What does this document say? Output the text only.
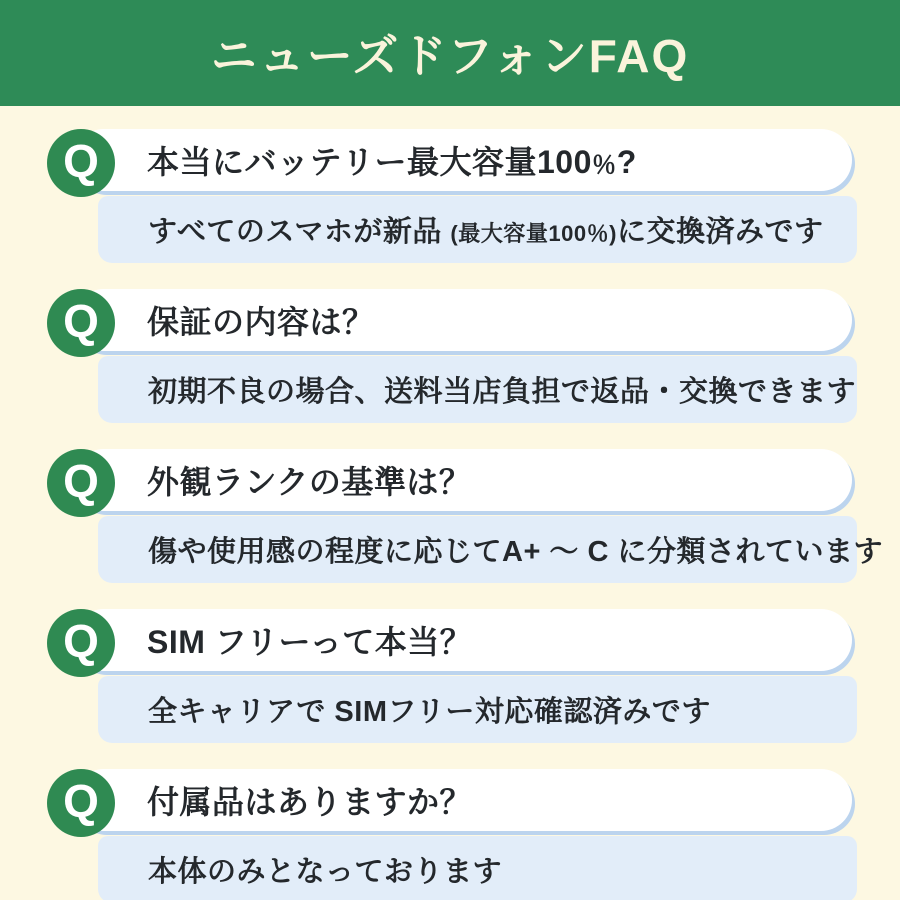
ニューズドフォンFAQ
Q 本当にバッテリー最大容量100％?
すべてのスマホが新品 (最大容量100％)に交換済みです
Q 保証の内容は？
初期不良の場合、送料当店負担で返品・交換できます
Q 外観ランクの基準は？
傷や使用感の程度に応じてA+ ～ C に分類されています
Q SIM フリーって本当？
全キャリアで SIMフリー対応確認済みです
Q 付属品はありますか？
本体のみとなっております
